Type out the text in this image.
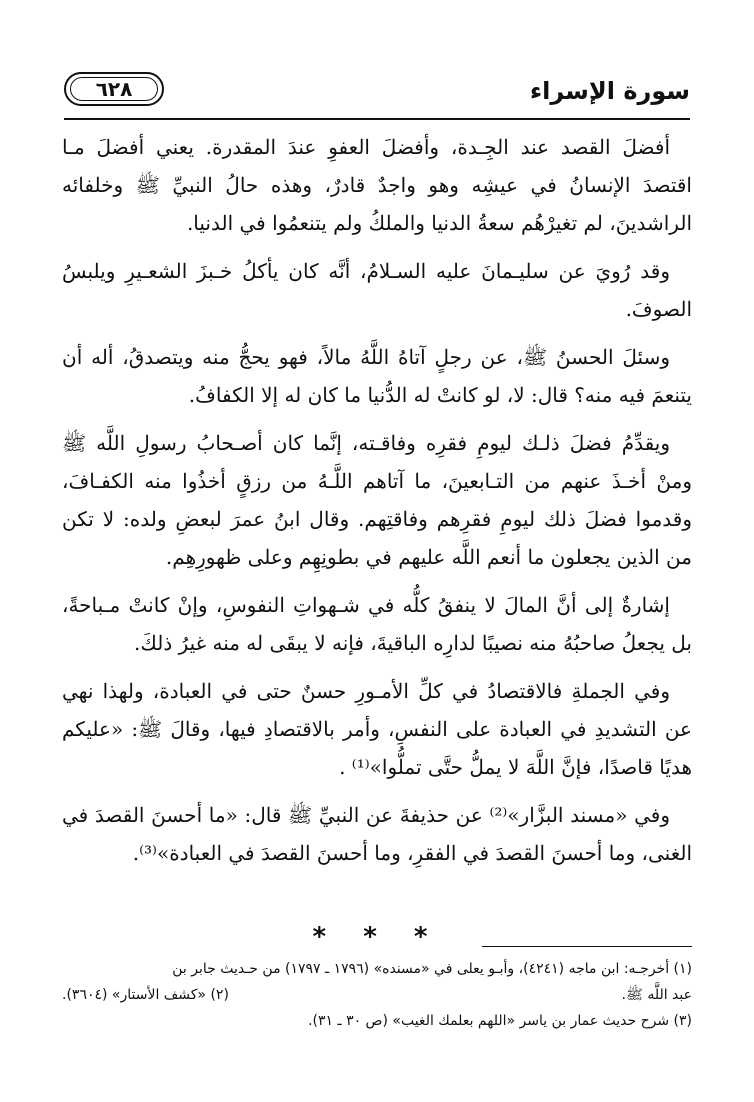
سورة الإسراء
٦٢٨

أفضلَ القصد عند الجِـدة، وأفضلَ العفوِ عندَ المقدرة. يعني أفضلَ مـا اقتصدَ الإنسانُ في عيشِه وهو واجدٌ قادرٌ، وهذه حالُ النبيِّ ﷺ وخلفائه الراشدينَ، لم تغيرْهُم سعةُ الدنيا والملكُ ولم يتنعمُوا في الدنيا.

وقد رُويَ عن سليـمانَ عليه السـلامُ، أنَّه كان يأكلُ خـبزَ الشعـيرِ ويلبسُ الصوفَ.

وسئلَ الحسنُ ﷺ، عن رجلٍ آتاهُ اللَّهُ مالاً، فهو يحجُّ منه ويتصدقُ، أله أن يتنعمَ فيه منه؟ قال: لا، لو كانتْ له الدُّنيا ما كان له إلا الكفافُ.

ويقدِّمُ فضلَ ذلـك ليومِ فقرِه وفاقـته، إنَّما كان أصـحابُ رسولِ اللَّه ﷺ ومنْ أخـذَ عنهم من التـابعينَ، ما آتاهم اللَّـهُ من رزقٍ أخذُوا منه الكفـافَ، وقدموا فضلَ ذلك ليومِ فقرِهم وفاقتِهم. وقال ابنُ عمرَ لبعضِ ولده: لا تكن من الذين يجعلون ما أنعم اللَّه عليهم في بطونِهِم وعلى ظهورِهِم.

إشارةٌ إلى أنَّ المالَ لا ينفقُ كلُّه في شـهواتِ النفوسِ، وإنْ كانتْ مـباحةً، بل يجعلُ صاحبُهُ منه نصيبًا لدارِه الباقيةَ، فإنه لا يبقَى له منه غيرُ ذلكَ.

وفي الجملةِ فالاقتصادُ في كلِّ الأمـورِ حسنٌ حتى في العبادة، ولهذا نهي عن التشديدِ في العبادة على النفسِ، وأمر بالاقتصادِ فيها، وقالَ ﷺ: «عليكم هديًا قاصدًا، فإنَّ اللَّهَ لا يملُّ حتَّى تملُّوا»⁽¹⁾ .

وفي «مسند البزَّار»⁽²⁾ عن حذيفةَ عن النبيِّ ﷺ قال: «ما أحسنَ القصدَ في الغنى، وما أحسنَ القصدَ في الفقرِ، وما أحسنَ القصدَ في العبادة»⁽³⁾.

* * *

(١) أخرجـه: ابن ماجه (٤٢٤١)، وأبـو يعلى في «مسنده» (١٧٩٦ ـ ١٧٩٧) من حـديث جابر بن

عبد اللَّه ﷺ.
(٢) «كشف الأستار» (٣٦٠٤).

(٣) شرح حديث عمار بن ياسر «اللهم بعلمك الغيب» (ص ٣٠ ـ ٣١).
